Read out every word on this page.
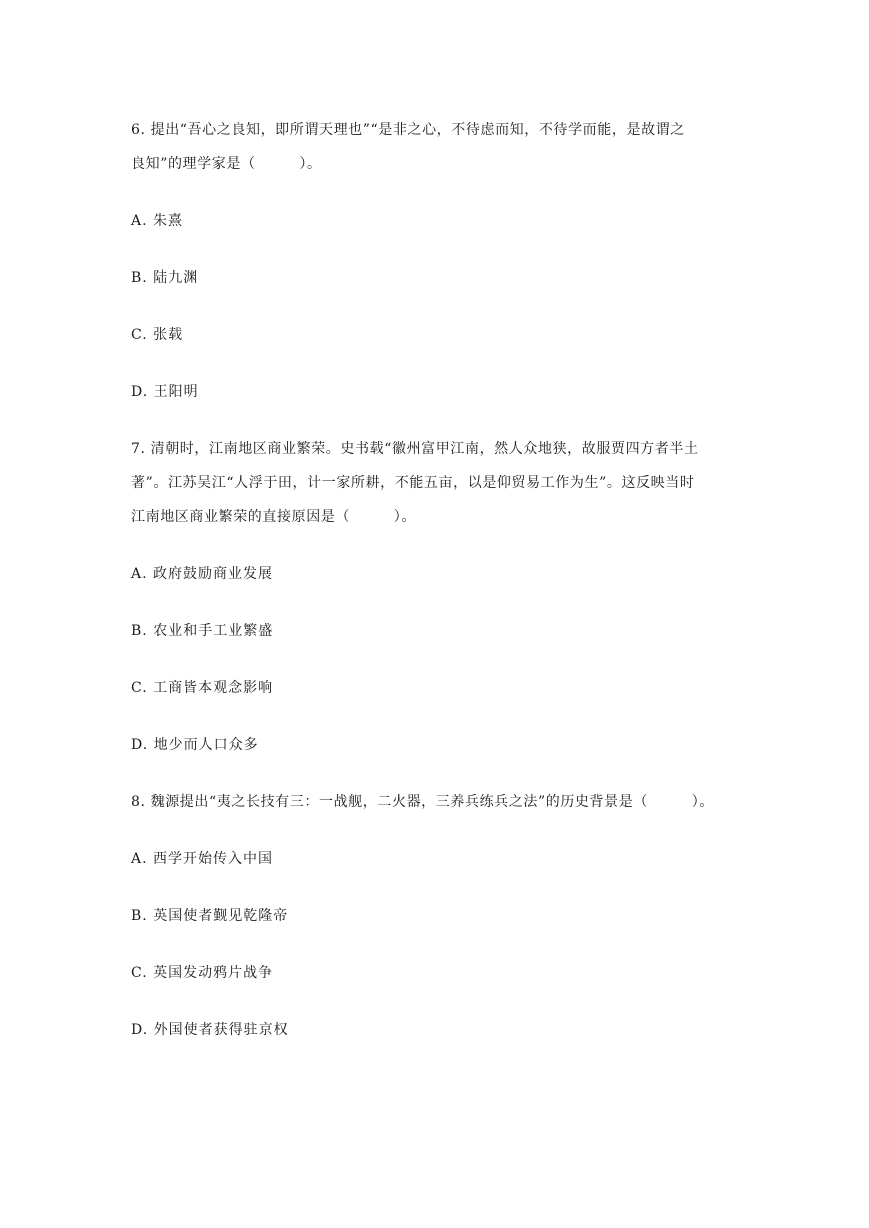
6. 提出“吾心之良知，即所谓天理也”“是非之心，不待虑而知，不待学而能，是故谓之
良知”的理学家是（　　　）。
A. 朱熹
B. 陆九渊
C. 张载
D. 王阳明
7. 清朝时，江南地区商业繁荣。史书载“徽州富甲江南，然人众地狭，故服贾四方者半土
著”。江苏吴江“人浮于田，计一家所耕，不能五亩，以是仰贸易工作为生”。这反映当时
江南地区商业繁荣的直接原因是（　　　）。
A. 政府鼓励商业发展
B. 农业和手工业繁盛
C. 工商皆本观念影响
D. 地少而人口众多
8. 魏源提出“夷之长技有三：一战舰，二火器，三养兵练兵之法”的历史背景是（　　　）。
A. 西学开始传入中国
B. 英国使者觐见乾隆帝
C. 英国发动鸦片战争
D. 外国使者获得驻京权
